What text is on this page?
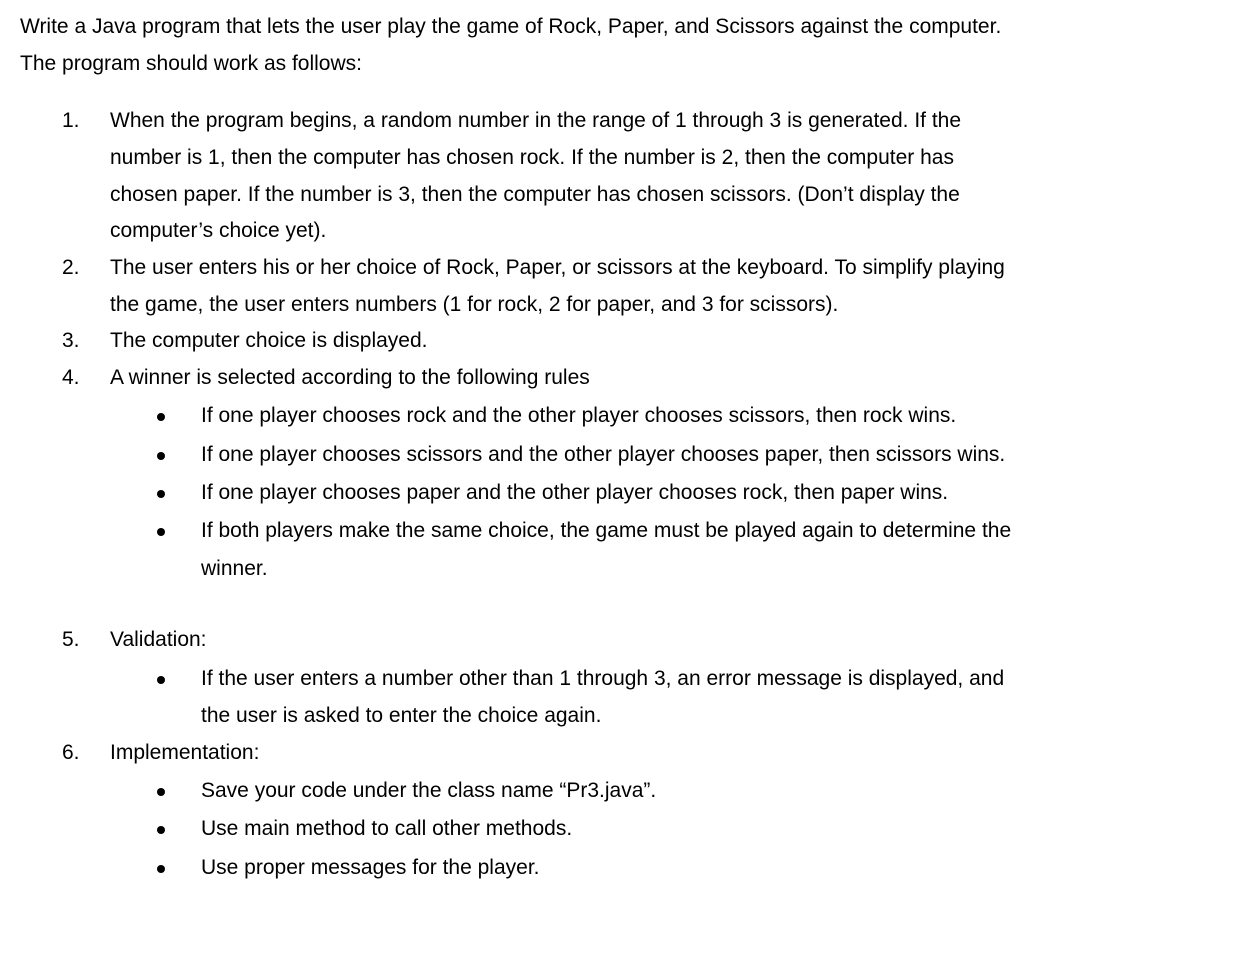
Write a Java program that lets the user play the game of Rock, Paper, and Scissors against the computer.
The program should work as follows:
1. When the program begins, a random number in the range of 1 through 3 is generated. If the
number is 1, then the computer has chosen rock. If the number is 2, then the computer has
chosen paper. If the number is 3, then the computer has chosen scissors. (Don’t display the
computer’s choice yet).
2. The user enters his or her choice of Rock, Paper, or scissors at the keyboard. To simplify playing
the game, the user enters numbers (1 for rock, 2 for paper, and 3 for scissors).
3. The computer choice is displayed.
4. A winner is selected according to the following rules
If one player chooses rock and the other player chooses scissors, then rock wins.
If one player chooses scissors and the other player chooses paper, then scissors wins.
If one player chooses paper and the other player chooses rock, then paper wins.
If both players make the same choice, the game must be played again to determine the
winner.
5. Validation:
If the user enters a number other than 1 through 3, an error message is displayed, and
the user is asked to enter the choice again.
6. Implementation:
Save your code under the class name “Pr3.java”.
Use main method to call other methods.
Use proper messages for the player.
